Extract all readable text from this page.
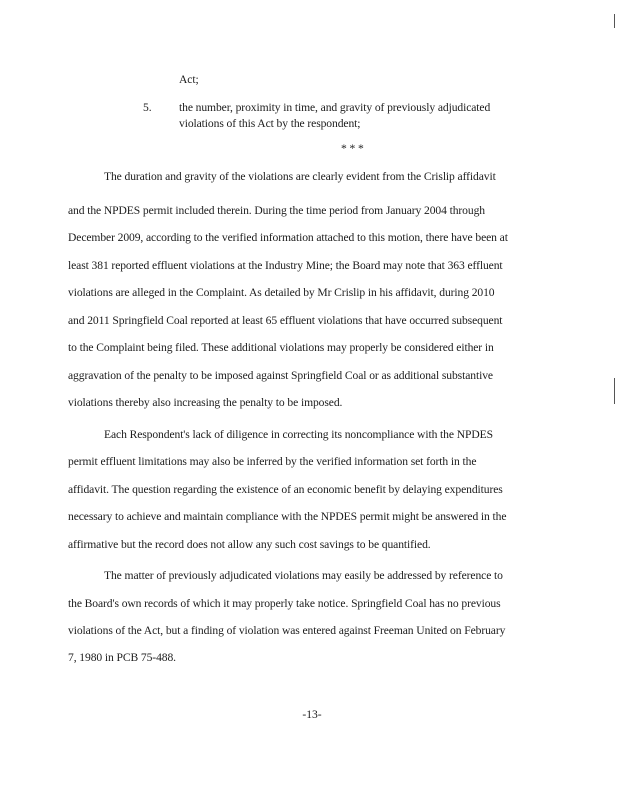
Act;
5. the number, proximity in time, and gravity of previously adjudicated
violations of this Act by the respondent;
* * *
The duration and gravity of the violations are clearly evident from the Crislip affidavit
and the NPDES permit included therein. During the time period from January 2004 through
December 2009, according to the verified information attached to this motion, there have been at
least 381 reported effluent violations at the Industry Mine; the Board may note that 363 effluent
violations are alleged in the Complaint. As detailed by Mr Crislip in his affidavit, during 2010
and 2011 Springfield Coal reported at least 65 effluent violations that have occurred subsequent
to the Complaint being filed. These additional violations may properly be considered either in
aggravation of the penalty to be imposed against Springfield Coal or as additional substantive
violations thereby also increasing the penalty to be imposed.
Each Respondent's lack of diligence in correcting its noncompliance with the NPDES
permit effluent limitations may also be inferred by the verified information set forth in the
affidavit. The question regarding the existence of an economic benefit by delaying expenditures
necessary to achieve and maintain compliance with the NPDES permit might be answered in the
affirmative but the record does not allow any such cost savings to be quantified.
The matter of previously adjudicated violations may easily be addressed by reference to
the Board's own records of which it may properly take notice. Springfield Coal has no previous
violations of the Act, but a finding of violation was entered against Freeman United on February
7, 1980 in PCB 75-488.
-13-
